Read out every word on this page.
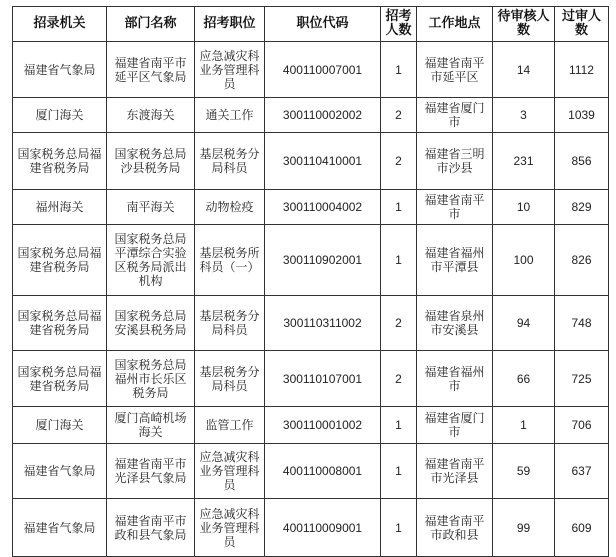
招录机关	部门名称	招考职位	职位代码	招考人数	工作地点	待审核人数	过审人数
福建省气象局	福建省南平市延平区气象局	应急减灾科业务管理科员	400110007001	1	福建省南平市延平区	14	1112
厦门海关	东渡海关	通关工作	300110002002	2	福建省厦门市	3	1039
国家税务总局福建省税务局	国家税务总局沙县税务局	基层税务分局科员	300110410001	2	福建省三明市沙县	231	856
福州海关	南平海关	动物检疫	300110004002	1	福建省南平市	10	829
国家税务总局福建省税务局	国家税务总局平潭综合实验区税务局派出机构	基层税务所科员（一）	300110902001	1	福建省福州市平潭县	100	826
国家税务总局福建省税务局	国家税务总局安溪县税务局	基层税务分局科员	300110311002	2	福建省泉州市安溪县	94	748
国家税务总局福建省税务局	国家税务总局福州市长乐区税务局	基层税务分局科员	300110107001	2	福建省福州市	66	725
厦门海关	厦门高崎机场海关	监管工作	300110001002	1	福建省厦门市	1	706
福建省气象局	福建省南平市光泽县气象局	应急减灾科业务管理科员	400110008001	1	福建省南平市光泽县	59	637
福建省气象局	福建省南平市政和县气象局	应急减灾科业务管理科员	400110009001	1	福建省南平市政和县	99	609
